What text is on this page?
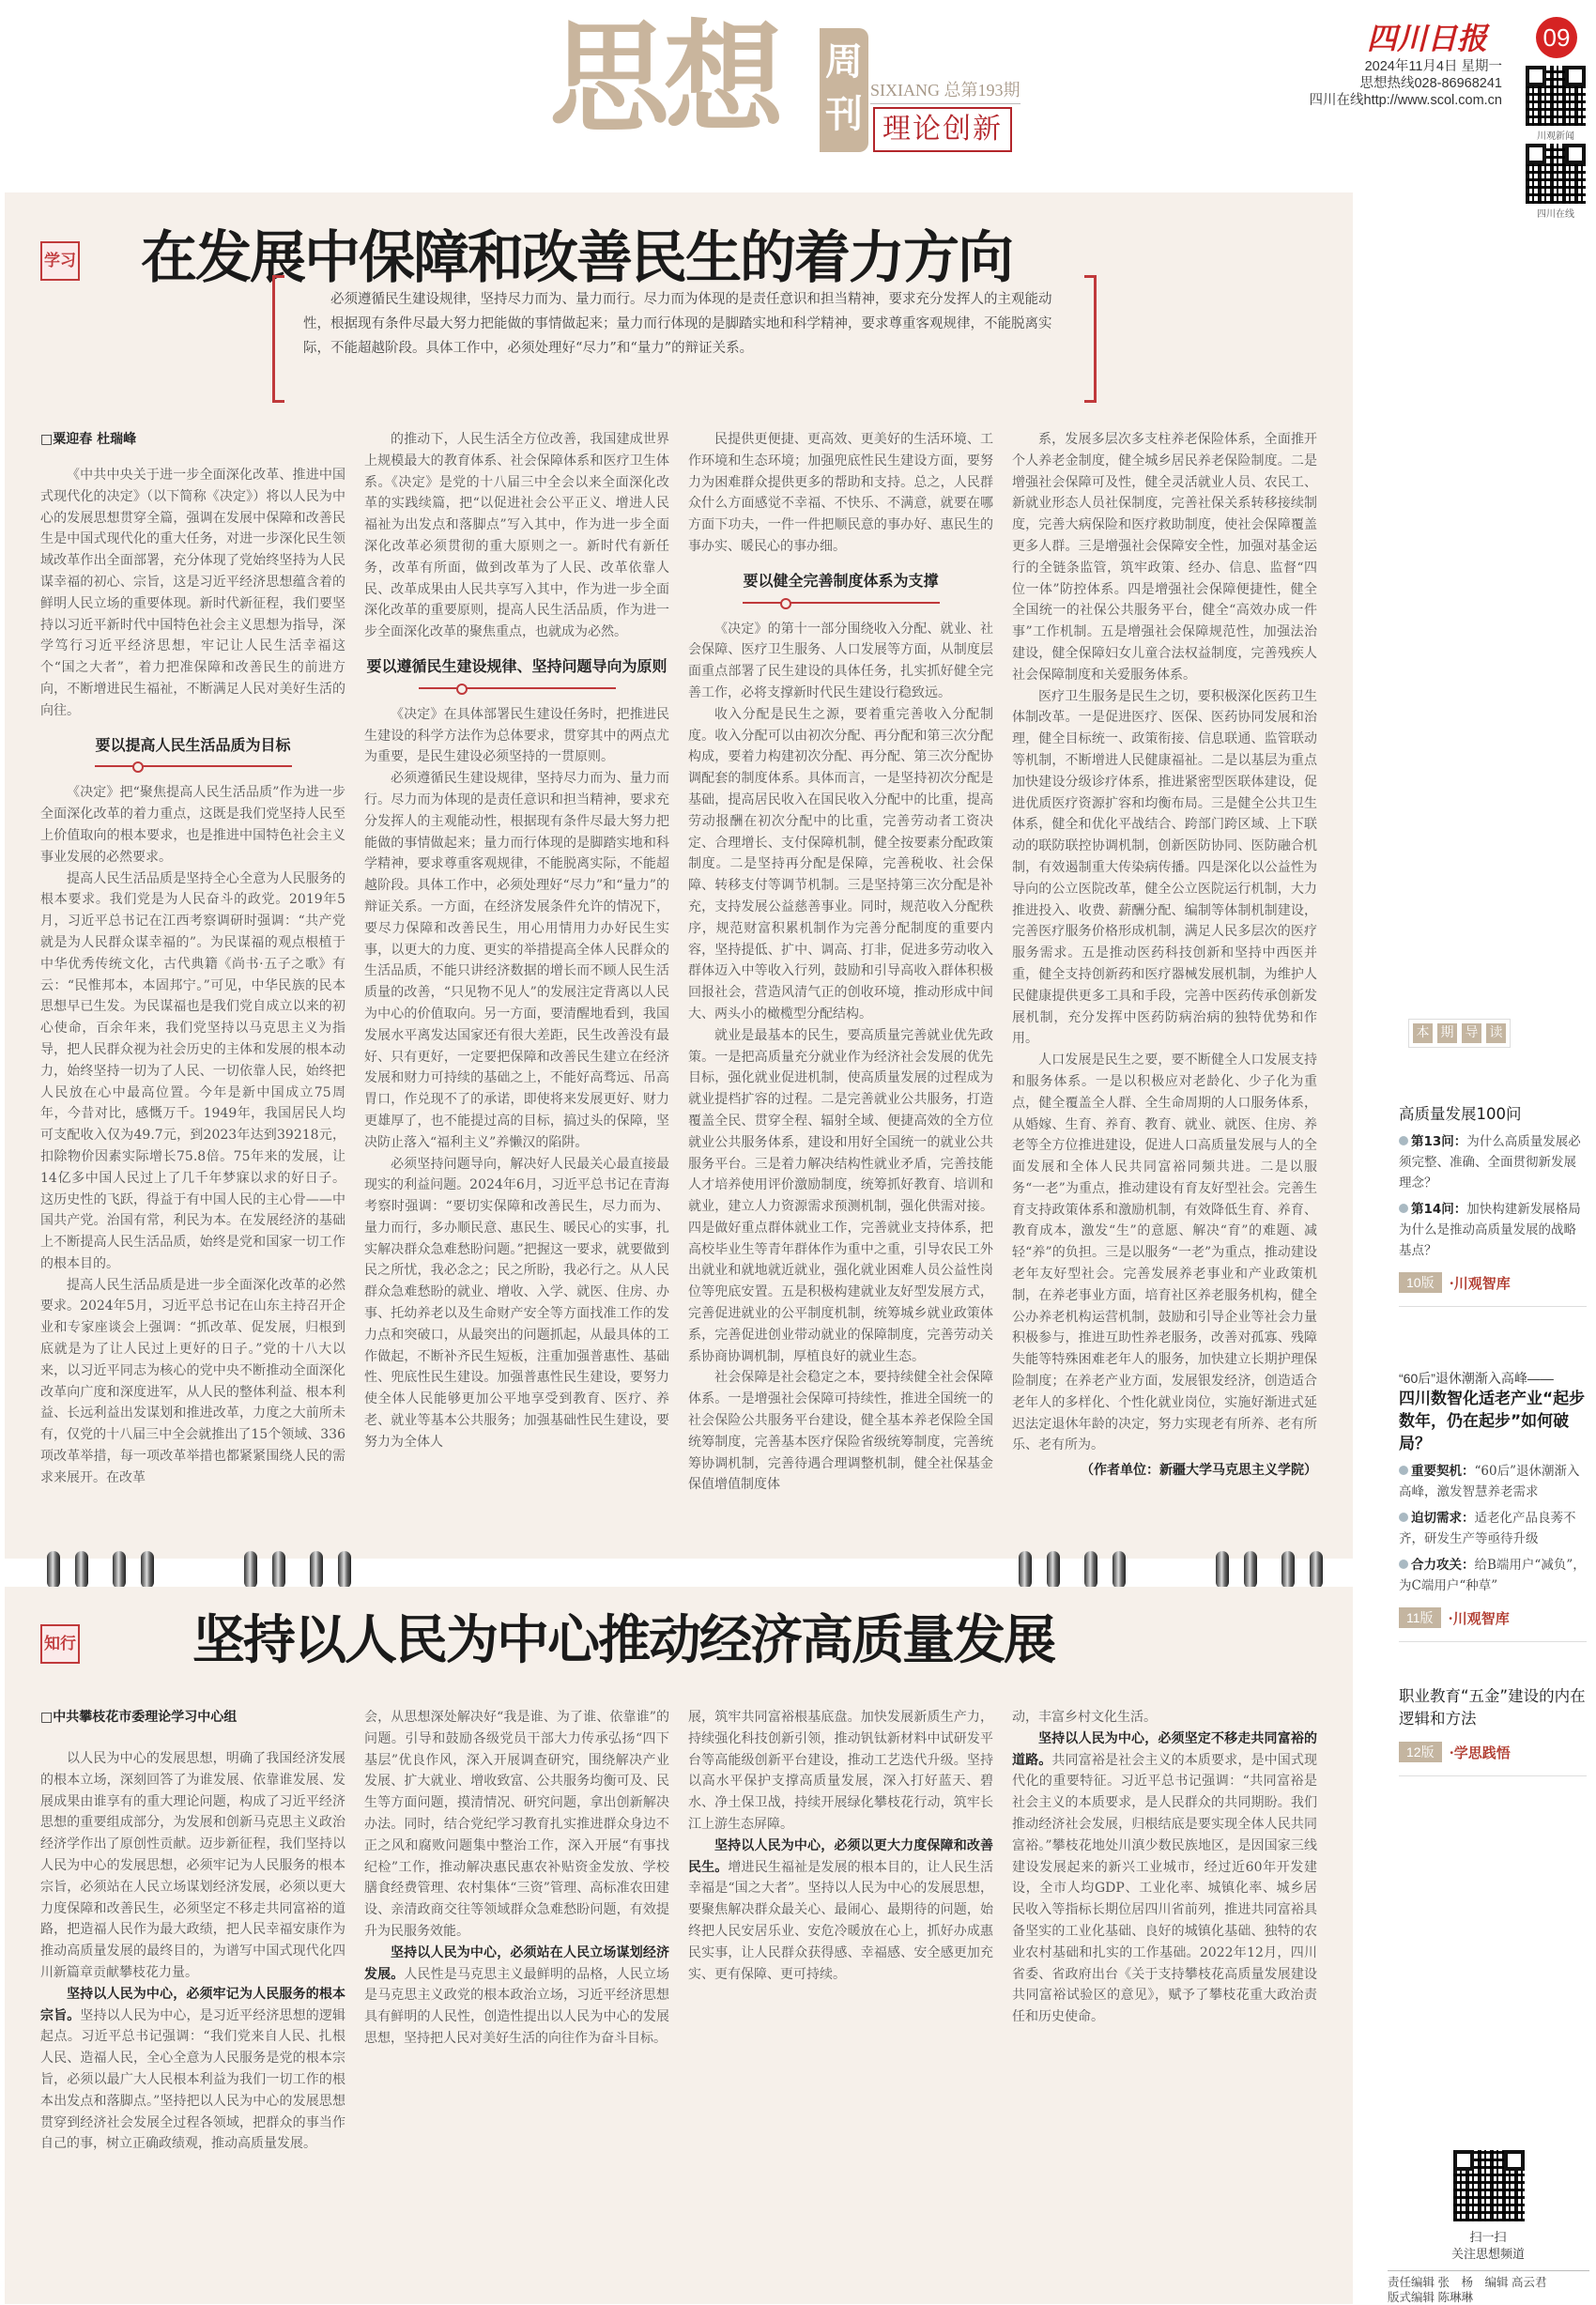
思想 周刊
SIXIANG 总第193期
理论创新
四川日报 09
2024年11月4日 星期一
思想热线028-86968241
四川在线http://www.scol.com.cn
川观新闻
四川在线
学习 在发展中保障和改善民生的着力方向
必须遵循民生建设规律，坚持尽力而为、量力而行。尽力而为体现的是责任意识和担当精神，要求充分发挥人的主观能动性，根据现有条件尽最大努力把能做的事情做起来；量力而行体现的是脚踏实地和科学精神，要求尊重客观规律，不能脱离实际，不能超越阶段。具体工作中，必须处理好“尽力”和“量力”的辩证关系。
□粟迎春 杜瑞峰

《中共中央关于进一步全面深化改革、推进中国式现代化的决定》（以下简称《决定》）将以人民为中心的发展思想贯穿全篇，强调在发展中保障和改善民生是中国式现代化的重大任务，对进一步深化民生领域改革作出全面部署，充分体现了党始终坚持为人民谋幸福的初心、宗旨，这是习近平经济思想蕴含着的鲜明人民立场的重要体现。新时代新征程，我们要坚持以习近平新时代中国特色社会主义思想为指导，深学笃行习近平经济思想，牢记让人民生活幸福这个“国之大者”，着力把准保障和改善民生的前进方向，不断增进民生福祉，不断满足人民对美好生活的向往。

要以提高人民生活品质为目标

《决定》把“聚焦提高人民生活品质”作为进一步全面深化改革的着力重点，这既是我们党坚持人民至上价值取向的根本要求，也是推进中国特色社会主义事业发展的必然要求。

提高人民生活品质是坚持全心全意为人民服务的根本要求。我们党是为人民奋斗的政党。2019年5月，习近平总书记在江西考察调研时强调：“共产党就是为人民群众谋幸福的”。为民谋福的观点根植于中华优秀传统文化，古代典籍《尚书·五子之歌》有云：“民惟邦本，本固邦宁。”可见，中华民族的民本思想早已生发。为民谋福也是我们党自成立以来的初心使命，百余年来，我们党坚持以马克思主义为指导，把人民群众视为社会历史的主体和发展的根本动力，始终坚持一切为了人民、一切依靠人民，始终把人民放在心中最高位置。今年是新中国成立75周年，今昔对比，感慨万千。1949年，我国居民人均可支配收入仅为49.7元，到2023年达到39218元，扣除物价因素实际增长75.8倍。75年来的发展，让14亿多中国人民过上了几千年梦寐以求的好日子。这历史性的飞跃，得益于有中国人民的主心骨——中国共产党。治国有常，利民为本。在发展经济的基础上不断提高人民生活品质，始终是党和国家一切工作的根本目的。

提高人民生活品质是进一步全面深化改革的必然要求。2024年5月，习近平总书记在山东主持召开企业和专家座谈会上强调：“抓改革、促发展，归根到底就是为了让人民过上更好的日子。”党的十八大以来，以习近平同志为核心的党中央不断推动全面深化改革向广度和深度进军，从人民的整体利益、根本利益、长远利益出发谋划和推进改革，力度之大前所未有，仅党的十八届三中全会就推出了15个领域、336项改革举措，每一项改革举措也都紧紧围绕人民的需求来展开。在改革

的推动下，人民生活全方位改善，我国建成世界上规模最大的教育体系、社会保障体系和医疗卫生体系。《决定》是党的十八届三中全会以来全面深化改革的实践续篇，把“以促进社会公平正义、增进人民福祉为出发点和落脚点”写入其中，作为进一步全面深化改革必须贯彻的重大原则之一。新时代有新任务，改革有所面，做到改革为了人民、改革依靠人民、改革成果由人民共享写入其中，作为进一步全面深化改革的重要原则，提高人民生活品质，作为进一步全面深化改革的聚焦重点，也就成为必然。

要以遵循民生建设规律、坚持问题导向为原则

《决定》在具体部署民生建设任务时，把推进民生建设的科学方法作为总体要求，贯穿其中的两点尤为重要，是民生建设必须坚持的一贯原则。

必须遵循民生建设规律，坚持尽力而为、量力而行。尽力而为体现的是责任意识和担当精神，要求充分发挥人的主观能动性，根据现有条件尽最大努力把能做的事情做起来；量力而行体现的是脚踏实地和科学精神，要求尊重客观规律，不能脱离实际，不能超越阶段。具体工作中，必须处理好“尽力”和“量力”的辩证关系。一方面，在经济发展条件允许的情况下，要尽力保障和改善民生，用心用情用力办好民生实事，以更大的力度、更实的举措提高全体人民群众的生活品质，不能只讲经济数据的增长而不顾人民生活质量的改善，“只见物不见人”的发展注定背离以人民为中心的价值取向。另一方面，要清醒地看到，我国发展水平离发达国家还有很大差距，民生改善没有最好、只有更好，一定要把保障和改善民生建立在经济发展和财力可持续的基础之上，不能好高骛远、吊高胃口，作兑现不了的承诺，即使将来发展更好、财力更雄厚了，也不能提过高的目标，搞过头的保障，坚决防止落入“福利主义”养懒汉的陷阱。

必须坚持问题导向，解决好人民最关心最直接最现实的利益问题。2024年6月，习近平总书记在青海考察时强调：“要切实保障和改善民生，尽力而为、量力而行，多办顺民意、惠民生、暖民心的实事，扎实解决群众急难愁盼问题。”把握这一要求，就要做到民之所忧，我必念之；民之所盼，我必行之。从人民群众急难愁盼的就业、增收、入学、就医、住房、办事、托幼养老以及生命财产安全等方面找准工作的发力点和突破口，从最突出的问题抓起，从最具体的工作做起，不断补齐民生短板，注重加强普惠性、基础性、兜底性民生建设。加强普惠性民生建设，要努力使全体人民能够更加公平地享受到教育、医疗、养老、就业等基本公共服务；加强基础性民生建设，要努力为全体人

民提供更便捷、更高效、更美好的生活环境、工作环境和生态环境；加强兜底性民生建设方面，要努力为困难群众提供更多的帮助和支持。总之，人民群众什么方面感觉不幸福、不快乐、不满意，就要在哪方面下功夫，一件一件把顺民意的事办好、惠民生的事办实、暖民心的事办细。

要以健全完善制度体系为支撑

《决定》的第十一部分围绕收入分配、就业、社会保障、医疗卫生服务、人口发展等方面，从制度层面重点部署了民生建设的具体任务，扎实抓好健全完善工作，必将支撑新时代民生建设行稳致远。

收入分配是民生之源，要着重完善收入分配制度。收入分配可以由初次分配、再分配和第三次分配构成，要着力构建初次分配、再分配、第三次分配协调配套的制度体系。具体而言，一是坚持初次分配是基础，提高居民收入在国民收入分配中的比重，提高劳动报酬在初次分配中的比重，完善劳动者工资决定、合理增长、支付保障机制，健全按要素分配政策制度。二是坚持再分配是保障，完善税收、社会保障、转移支付等调节机制。三是坚持第三次分配是补充，支持发展公益慈善事业。同时，规范收入分配秩序，规范财富积累机制作为完善分配制度的重要内容，坚持提低、扩中、调高、打非，促进多劳动收入群体迈入中等收入行列，鼓励和引导高收入群体积极回报社会，营造风清气正的创收环境，推动形成中间大、两头小的橄榄型分配结构。

就业是最基本的民生，要高质量完善就业优先政策。一是把高质量充分就业作为经济社会发展的优先目标，强化就业促进机制，使高质量发展的过程成为就业提档扩容的过程。二是完善就业公共服务，打造覆盖全民、贯穿全程、辐射全域、便捷高效的全方位就业公共服务体系，建设和用好全国统一的就业公共服务平台。三是着力解决结构性就业矛盾，完善技能人才培养使用评价激励制度，统筹抓好教育、培训和就业，建立人力资源需求预测机制，强化供需对接。四是做好重点群体就业工作，完善就业支持体系，把高校毕业生等青年群体作为重中之重，引导农民工外出就业和就地就近就业，强化就业困难人员公益性岗位等兜底安置。五是积极构建就业友好型发展方式，完善促进就业的公平制度机制，统筹城乡就业政策体系，完善促进创业带动就业的保障制度，完善劳动关系协商协调机制，厚植良好的就业生态。

社会保障是社会稳定之本，要持续健全社会保障体系。一是增强社会保障可持续性，推进全国统一的社会保险公共服务平台建设，健全基本养老保险全国统筹制度，完善基本医疗保险省级统筹制度，完善统筹协调机制，完善待遇合理调整机制，健全社保基金保值增值制度体

系，发展多层次多支柱养老保险体系，全面推开个人养老金制度，健全城乡居民养老保险制度。二是增强社会保障可及性，健全灵活就业人员、农民工、新就业形态人员社保制度，完善社保关系转移接续制度，完善大病保险和医疗救助制度，使社会保障覆盖更多人群。三是增强社会保障安全性，加强对基金运行的全链条监管，筑牢政策、经办、信息、监督“四位一体”防控体系。四是增强社会保障便捷性，健全全国统一的社保公共服务平台，健全“高效办成一件事”工作机制。五是增强社会保障规范性，加强法治建设，健全保障妇女儿童合法权益制度，完善残疾人社会保障制度和关爱服务体系。

医疗卫生服务是民生之切，要积极深化医药卫生体制改革。一是促进医疗、医保、医药协同发展和治理，健全目标统一、政策衔接、信息联通、监管联动等机制，不断增进人民健康福祉。二是以基层为重点加快建设分级诊疗体系，推进紧密型医联体建设，促进优质医疗资源扩容和均衡布局。三是健全公共卫生体系，健全和优化平战结合、跨部门跨区域、上下联动的联防联控协调机制，创新医防协同、医防融合机制，有效遏制重大传染病传播。四是深化以公益性为导向的公立医院改革，健全公立医院运行机制，大力推进投入、收费、薪酬分配、编制等体制机制建设，完善医疗服务价格形成机制，满足人民多层次的医疗服务需求。五是推动医药科技创新和坚持中西医并重，健全支持创新药和医疗器械发展机制，为维护人民健康提供更多工具和手段，完善中医药传承创新发展机制，充分发挥中医药防病治病的独特优势和作用。

人口发展是民生之要，要不断健全人口发展支持和服务体系。一是以积极应对老龄化、少子化为重点，健全覆盖全人群、全生命周期的人口服务体系，从婚嫁、生育、养育、教育、就业、就医、住房、养老等全方位推进建设，促进人口高质量发展与人的全面发展和全体人民共同富裕同频共进。二是以服务“一老”为重点，推动建设有育友好型社会。完善生育支持政策体系和激励机制，有效降低生育、养育、教育成本，激发“生”的意愿、解决“育”的难题、减轻“养”的负担。三是以服务“一老”为重点，推动建设老年友好型社会。完善发展养老事业和产业政策机制，在养老事业方面，培育社区养老服务机构，健全公办养老机构运营机制，鼓励和引导企业等社会力量积极参与，推进互助性养老服务，改善对孤寡、残障失能等特殊困难老年人的服务，加快建立长期护理保险制度；在养老产业方面，发展银发经济，创造适合老年人的多样化、个性化就业岗位，实施好渐进式延迟法定退休年龄的决定，努力实现老有所养、老有所乐、老有所为。

（作者单位：新疆大学马克思主义学院）

知行 坚持以人民为中心推动经济高质量发展
□中共攀枝花市委理论学习中心组

以人民为中心的发展思想，明确了我国经济发展的根本立场，深刻回答了为谁发展、依靠谁发展、发展成果由谁享有的重大理论问题，构成了习近平经济思想的重要组成部分，为发展和创新马克思主义政治经济学作出了原创性贡献。迈步新征程，我们坚持以人民为中心的发展思想，必须牢记为人民服务的根本宗旨，必须站在人民立场谋划经济发展，必须以更大力度保障和改善民生，必须坚定不移走共同富裕的道路，把造福人民作为最大政绩，把人民幸福安康作为推动高质量发展的最终目的，为谱写中国式现代化四川新篇章贡献攀枝花力量。

坚持以人民为中心，必须牢记为人民服务的根本宗旨。坚持以人民为中心，是习近平经济思想的逻辑起点。习近平总书记强调：“我们党来自人民、扎根人民、造福人民，全心全意为人民服务是党的根本宗旨，必须以最广大人民根本利益为我们一切工作的根本出发点和落脚点。”坚持把以人民为中心的发展思想贯穿到经济社会发展全过程各领域，把群众的事当作自己的事，树立正确政绩观，推动高质量发展。

会，从思想深处解决好“我是谁、为了谁、依靠谁”的问题。引导和鼓励各级党员干部大力传承弘扬“四下基层”优良作风，深入开展调查研究，围绕解决产业发展、扩大就业、增收致富、公共服务均衡可及、民生等方面问题，摸清情况、研究问题，拿出创新解决办法。同时，结合党纪学习教育扎实推进群众身边不正之风和腐败问题集中整治工作，深入开展“有事找纪检”工作，推动解决惠民惠农补贴资金发放、学校膳食经费管理、农村集体“三资”管理、高标准农田建设、亲清政商交往等领域群众急难愁盼问题，有效提升为民服务效能。

坚持以人民为中心，必须站在人民立场谋划经济发展。人民性是马克思主义最鲜明的品格，人民立场是马克思主义政党的根本政治立场，习近平经济思想具有鲜明的人民性，创造性提出以人民为中心的发展思想，坚持把人民对美好生活的向往作为奋斗目标。

展，筑牢共同富裕根基底盘。加快发展新质生产力，持续强化科技创新引领，推动钒钛新材料中试研发平台等高能级创新平台建设，推动工艺迭代升级。坚持以高水平保护支撑高质量发展，深入打好蓝天、碧水、净土保卫战，持续开展绿化攀枝花行动，筑牢长江上游生态屏障。

坚持以人民为中心，必须以更大力度保障和改善民生。增进民生福祉是发展的根本目的，让人民生活幸福是“国之大者”。坚持以人民为中心的发展思想，要聚焦解决群众最关心、最闹心、最期待的问题，始终把人民安居乐业、安危冷暖放在心上，抓好办成惠民实事，让人民群众获得感、幸福感、安全感更加充实、更有保障、更可持续。

动，丰富乡村文化生活。

坚持以人民为中心，必须坚定不移走共同富裕的道路。共同富裕是社会主义的本质要求，是中国式现代化的重要特征。习近平总书记强调：“共同富裕是社会主义的本质要求，是人民群众的共同期盼。我们推动经济社会发展，归根结底是要实现全体人民共同富裕。”攀枝花地处川滇少数民族地区，是因国家三线建设发展起来的新兴工业城市，经过近60年开发建设，全市人均GDP、工业化率、城镇化率、城乡居民收入等指标长期位居四川省前列，推进共同富裕具备坚实的工业化基础、良好的城镇化基础、独特的农业农村基础和扎实的工作基础。2022年12月，四川省委、省政府出台《关于支持攀枝花高质量发展建设共同富裕试验区的意见》，赋予了攀枝花重大政治责任和历史使命。

本 期 导 读

高质量发展100问

第13问：为什么高质量发展必须完整、准确、全面贯彻新发展理念？

第14问：加快构建新发展格局为什么是推动高质量发展的战略基点？

10版	·川观智库
“60后”退休潮渐入高峰——

四川数智化适老产业“起步数年，仍在起步”如何破局？

重要契机：“60后”退休潮渐入高峰，激发智慧养老需求

迫切需求：适老化产品良莠不齐，研发生产等亟待升级

合力攻关：给B端用户“减负”，为C端用户“种草”

11版	·川观智库

职业教育“五金”建设的内在逻辑和方法

12版	·学思践悟
扫一扫
关注思想频道
责任编辑 张　杨　编辑 高云君
版式编辑 陈琳琳
